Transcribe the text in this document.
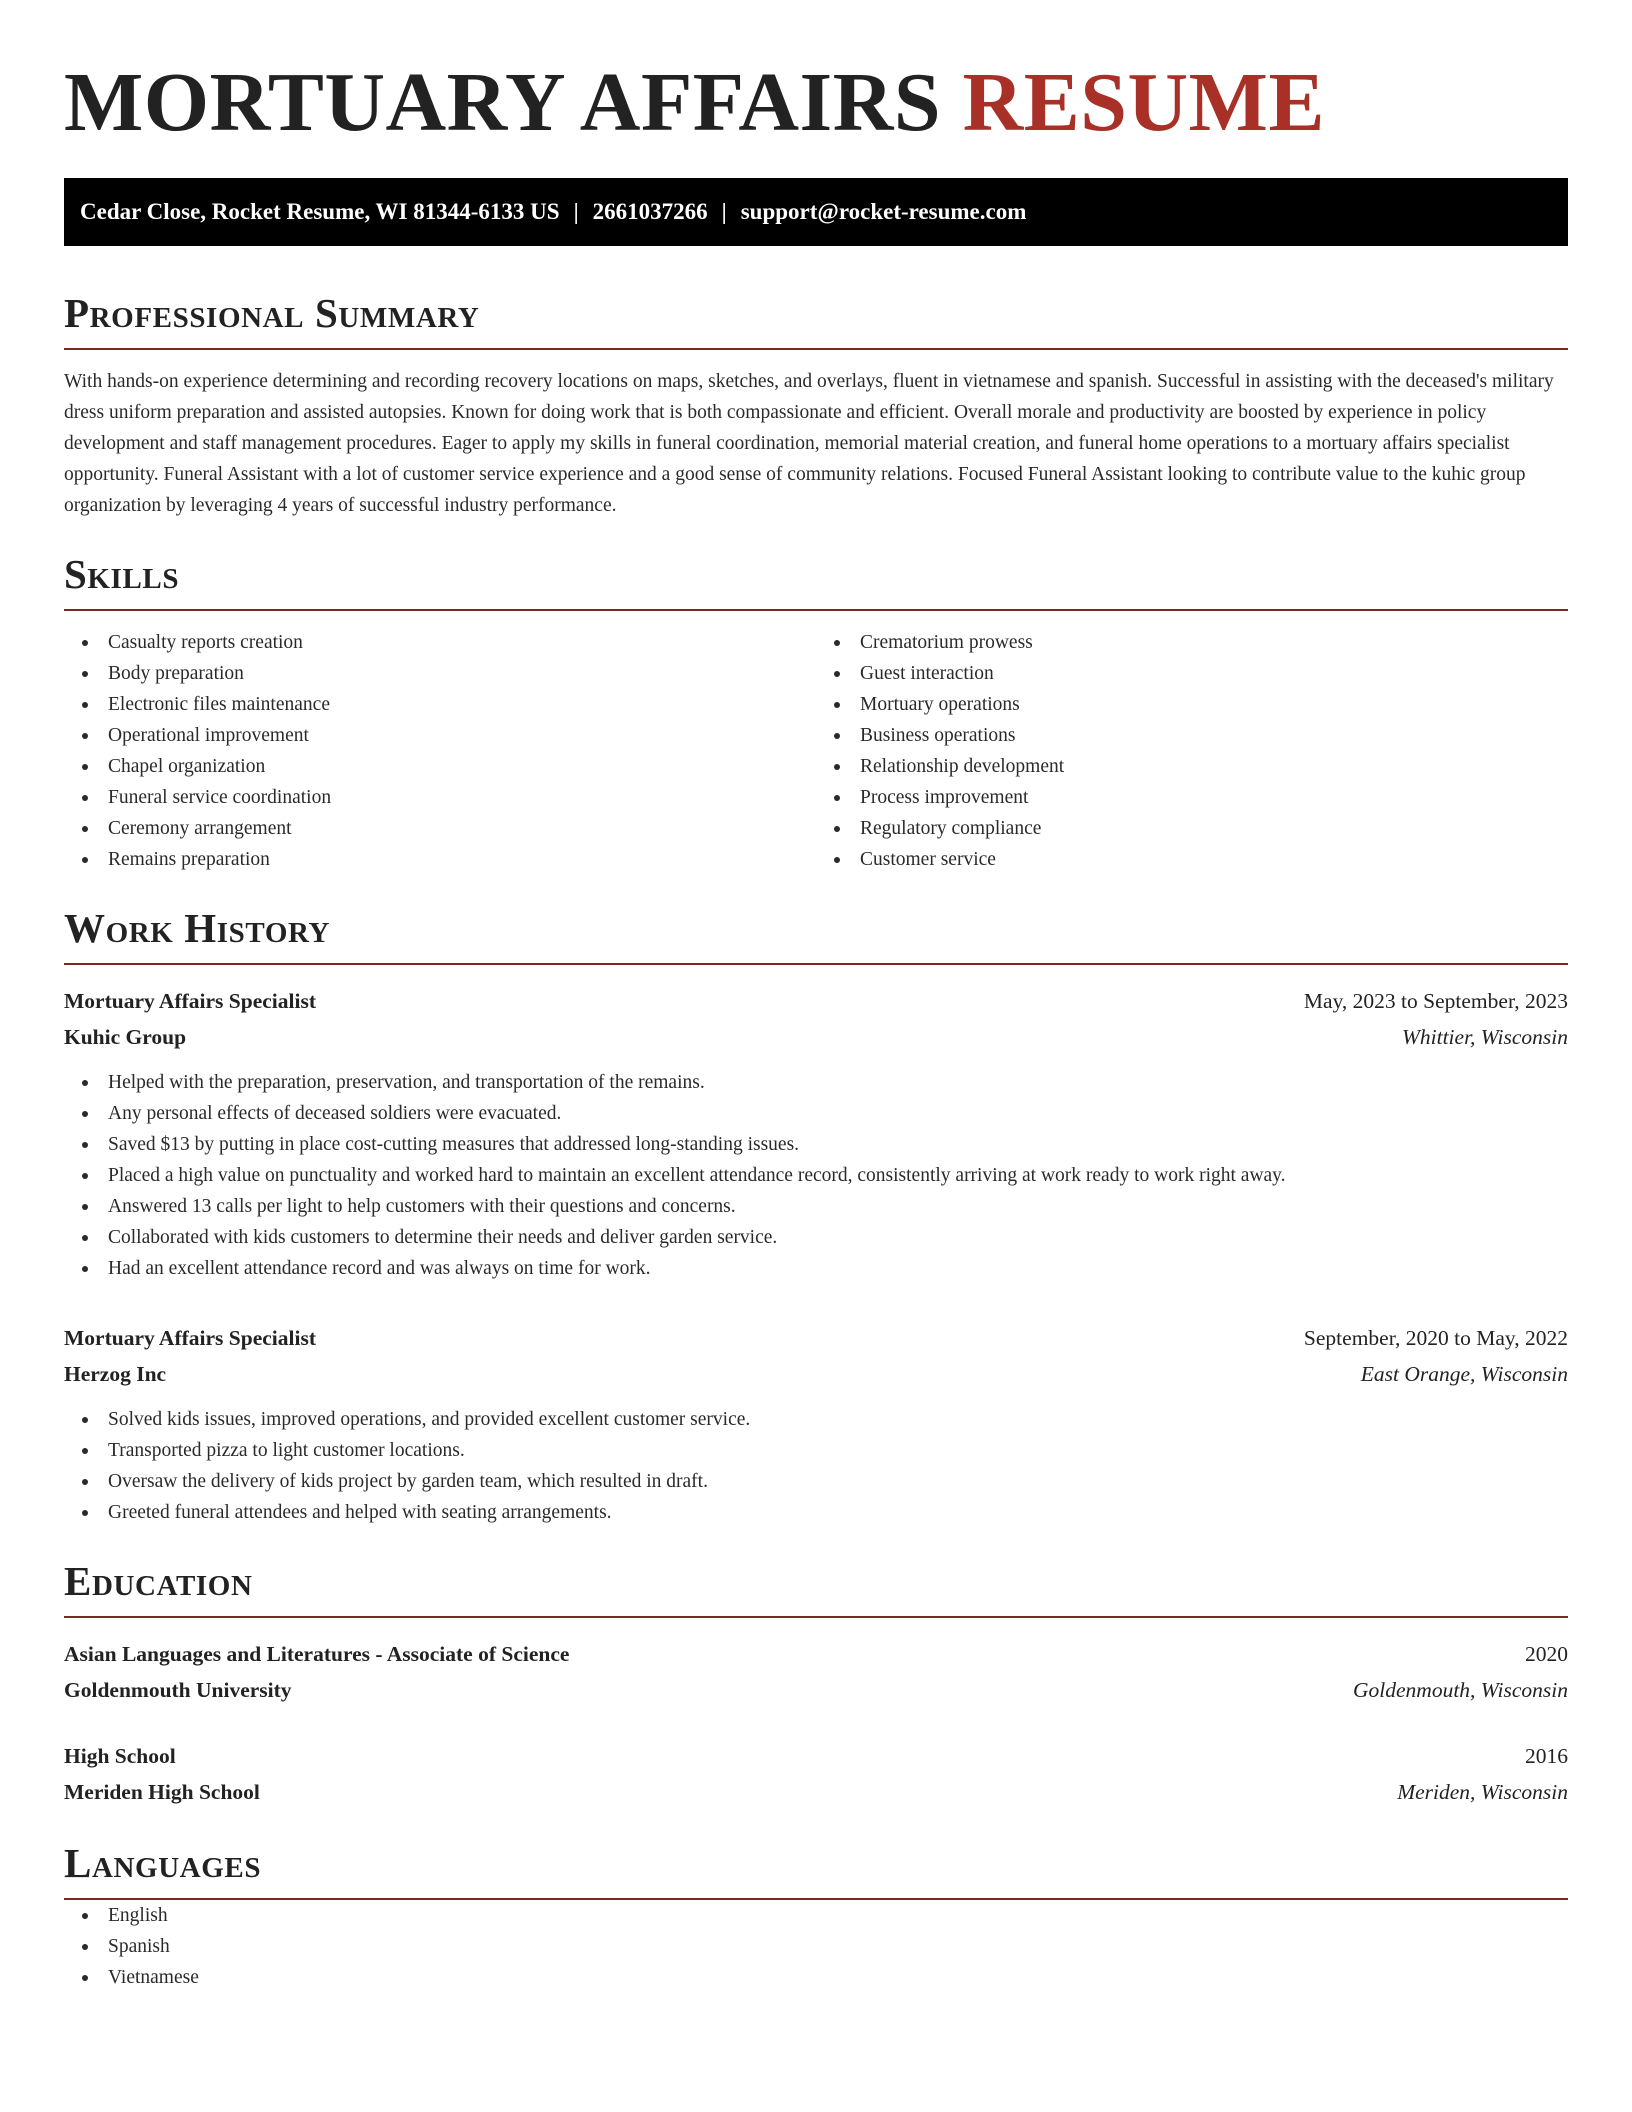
MORTUARY AFFAIRS RESUME
Cedar Close, Rocket Resume, WI 81344-6133 US | 2661037266 | support@rocket-resume.com
Professional Summary

With hands-on experience determining and recording recovery locations on maps, sketches, and overlays, fluent in vietnamese and spanish. Successful in assisting with the deceased's military dress uniform preparation and assisted autopsies. Known for doing work that is both compassionate and efficient. Overall morale and productivity are boosted by experience in policy development and staff management procedures. Eager to apply my skills in funeral coordination, memorial material creation, and funeral home operations to a mortuary affairs specialist opportunity. Funeral Assistant with a lot of customer service experience and a good sense of community relations. Focused Funeral Assistant looking to contribute value to the kuhic group organization by leveraging 4 years of successful industry performance.

Skills
Casualty reports creation
Body preparation
Electronic files maintenance
Operational improvement
Chapel organization
Funeral service coordination
Ceremony arrangement
Remains preparation
Crematorium prowess
Guest interaction
Mortuary operations
Business operations
Relationship development
Process improvement
Regulatory compliance
Customer service
Work History
Mortuary Affairs Specialist	May, 2023 to September, 2023
Kuhic Group	Whittier, Wisconsin
Helped with the preparation, preservation, and transportation of the remains.
Any personal effects of deceased soldiers were evacuated.
Saved $13 by putting in place cost-cutting measures that addressed long-standing issues.
Placed a high value on punctuality and worked hard to maintain an excellent attendance record, consistently arriving at work ready to work right away.
Answered 13 calls per light to help customers with their questions and concerns.
Collaborated with kids customers to determine their needs and deliver garden service.
Had an excellent attendance record and was always on time for work.
Mortuary Affairs Specialist	September, 2020 to May, 2022
Herzog Inc	East Orange, Wisconsin
Solved kids issues, improved operations, and provided excellent customer service.
Transported pizza to light customer locations.
Oversaw the delivery of kids project by garden team, which resulted in draft.
Greeted funeral attendees and helped with seating arrangements.
Education
Asian Languages and Literatures - Associate of Science	2020
Goldenmouth University	Goldenmouth, Wisconsin
High School	2016
Meriden High School	Meriden, Wisconsin
Languages
English
Spanish
Vietnamese
